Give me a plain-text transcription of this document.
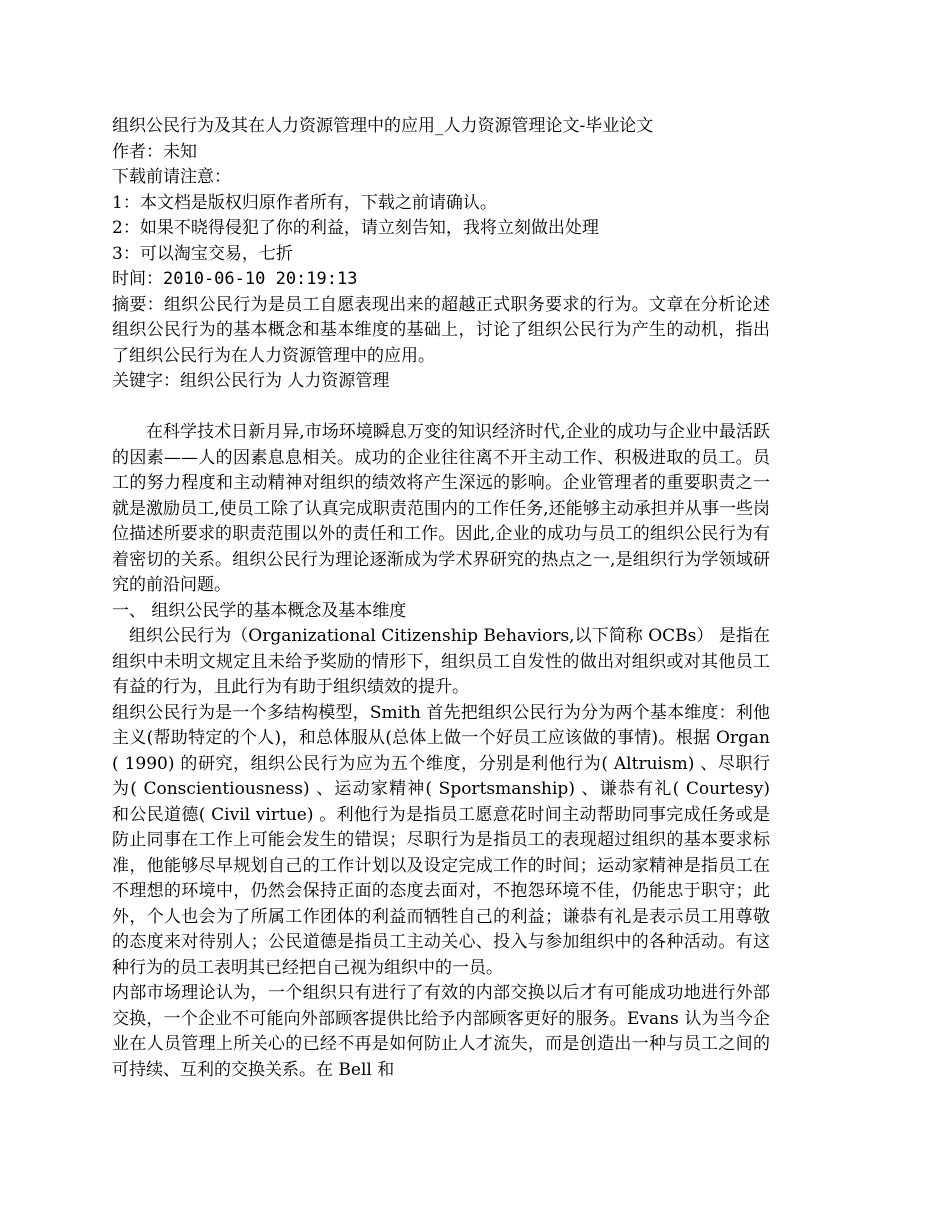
组织公民行为及其在人力资源管理中的应用_人力资源管理论文-毕业论文
作者：未知
下载前请注意：
1：本文档是版权归原作者所有，下载之前请确认。
2：如果不晓得侵犯了你的利益，请立刻告知，我将立刻做出处理
3：可以淘宝交易，七折
时间：2010-06-10 20:19:13

摘要：组织公民行为是员工自愿表现出来的超越正式职务要求的行为。文章在分析论述组织公民行为的基本概念和基本维度的基础上，讨论了组织公民行为产生的动机，指出了组织公民行为在人力资源管理中的应用。

关键字：组织公民行为 人力资源管理

在科学技术日新月异,市场环境瞬息万变的知识经济时代,企业的成功与企业中最活跃的因素——人的因素息息相关。成功的企业往往离不开主动工作、积极进取的员工。员工的努力程度和主动精神对组织的绩效将产生深远的影响。企业管理者的重要职责之一就是激励员工,使员工除了认真完成职责范围内的工作任务,还能够主动承担并从事一些岗位描述所要求的职责范围以外的责任和工作。因此,企业的成功与员工的组织公民行为有着密切的关系。组织公民行为理论逐渐成为学术界研究的热点之一,是组织行为学领域研究的前沿问题。

一、 组织公民学的基本概念及基本维度

组织公民行为（Organizational Citizenship Behaviors,以下简称 OCBs） 是指在组织中未明文规定且未给予奖励的情形下，组织员工自发性的做出对组织或对其他员工有益的行为，且此行为有助于组织绩效的提升。

组织公民行为是一个多结构模型，Smith 首先把组织公民行为分为两个基本维度：利他主义(帮助特定的个人)，和总体服从(总体上做一个好员工应该做的事情)。根据 Organ ( 1990) 的研究，组织公民行为应为五个维度，分别是利他行为( Altruism) 、尽职行为( Conscientiousness) 、运动家精神( Sportsmanship) 、谦恭有礼( Courtesy) 和公民道德( Civil virtue) 。利他行为是指员工愿意花时间主动帮助同事完成任务或是防止同事在工作上可能会发生的错误；尽职行为是指员工的表现超过组织的基本要求标准，他能够尽早规划自己的工作计划以及设定完成工作的时间；运动家精神是指员工在不理想的环境中，仍然会保持正面的态度去面对，不抱怨环境不佳，仍能忠于职守；此外，个人也会为了所属工作团体的利益而牺牲自己的利益；谦恭有礼是表示员工用尊敬的态度来对待别人；公民道德是指员工主动关心、投入与参加组织中的各种活动。有这种行为的员工表明其已经把自己视为组织中的一员。

内部市场理论认为，一个组织只有进行了有效的内部交换以后才有可能成功地进行外部交换，一个企业不可能向外部顾客提供比给予内部顾客更好的服务。Evans 认为当今企业在人员管理上所关心的已经不再是如何防止人才流失，而是创造出一种与员工之间的可持续、互利的交换关系。在 Bell 和
